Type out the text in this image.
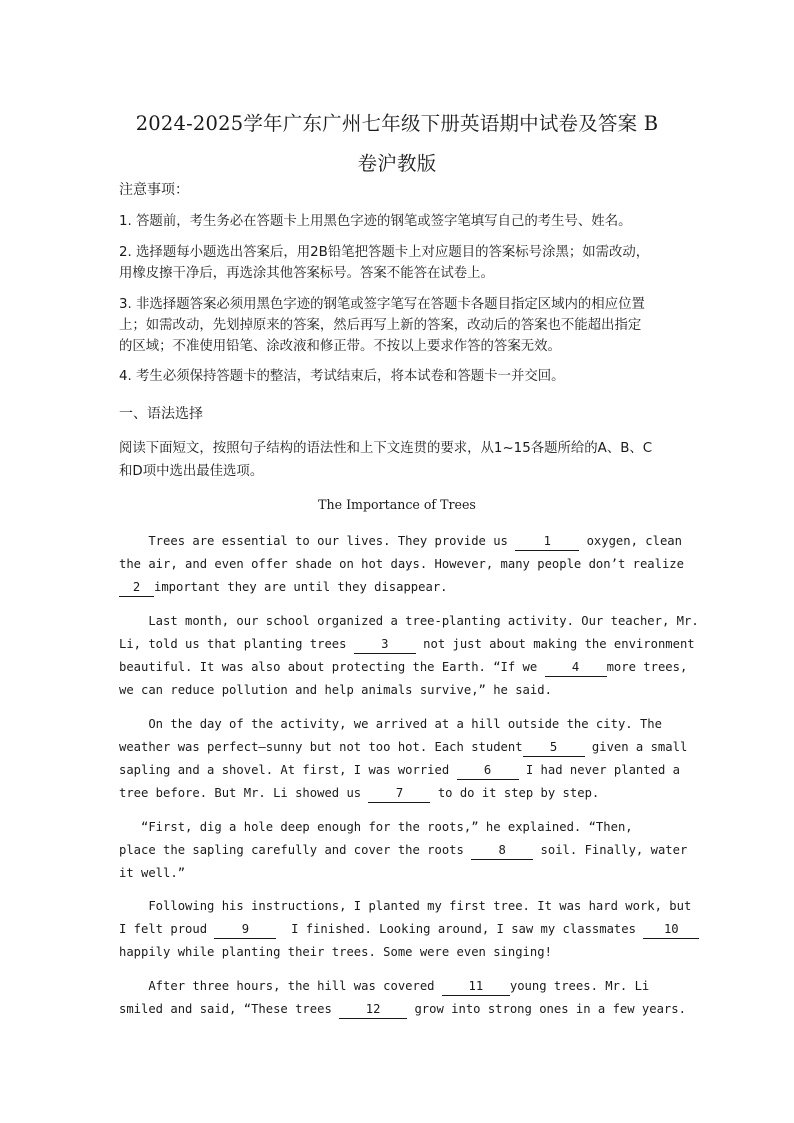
2024-2025学年广东广州七年级下册英语期中试卷及答案 B
卷沪教版
注意事项：
1. 答题前，考生务必在答题卡上用黑色字迹的钢笔或签字笔填写自己的考生号、姓名。
2. 选择题每小题选出答案后，用2B铅笔把答题卡上对应题目的答案标号涂黑；如需改动，
用橡皮擦干净后，再选涂其他答案标号。答案不能答在试卷上。
3. 非选择题答案必须用黑色字迹的钢笔或签字笔写在答题卡各题目指定区域内的相应位置
上；如需改动，先划掉原来的答案，然后再写上新的答案，改动后的答案也不能超出指定
的区域；不准使用铅笔、涂改液和修正带。不按以上要求作答的答案无效。
4. 考生必须保持答题卡的整洁，考试结束后，将本试卷和答题卡一并交回。
一、语法选择
阅读下面短文，按照句子结构的语法性和上下文连贯的要求，从1~15各题所给的A、B、C
和D项中选出最佳选项。
The Importance of Trees
Trees are essential to our lives. They provide us 1 oxygen, clean
the air, and even offer shade on hot days. However, many people don’t realize
2 important they are until they disappear.
Last month, our school organized a tree-planting activity. Our teacher, Mr.
Li, told us that planting trees 3 not just about making the environment
beautiful. It was also about protecting the Earth. “If we 4 more trees,
we can reduce pollution and help animals survive,” he said.
On the day of the activity, we arrived at a hill outside the city. The
weather was perfect—sunny but not too hot. Each student 5 given a small
sapling and a shovel. At first, I was worried 6 I had never planted a
tree before. But Mr. Li showed us 7 to do it step by step.
“First, dig a hole deep enough for the roots,” he explained. “Then,
place the sapling carefully and cover the roots 8 soil. Finally, water
it well.”
Following his instructions, I planted my first tree. It was hard work, but
I felt proud 9	I finished. Looking around, I saw my classmates 10
happily while planting their trees. Some were even singing!
After three hours, the hill was covered 11 young trees. Mr. Li
smiled and said, “These trees 12 grow into strong ones in a few years.
